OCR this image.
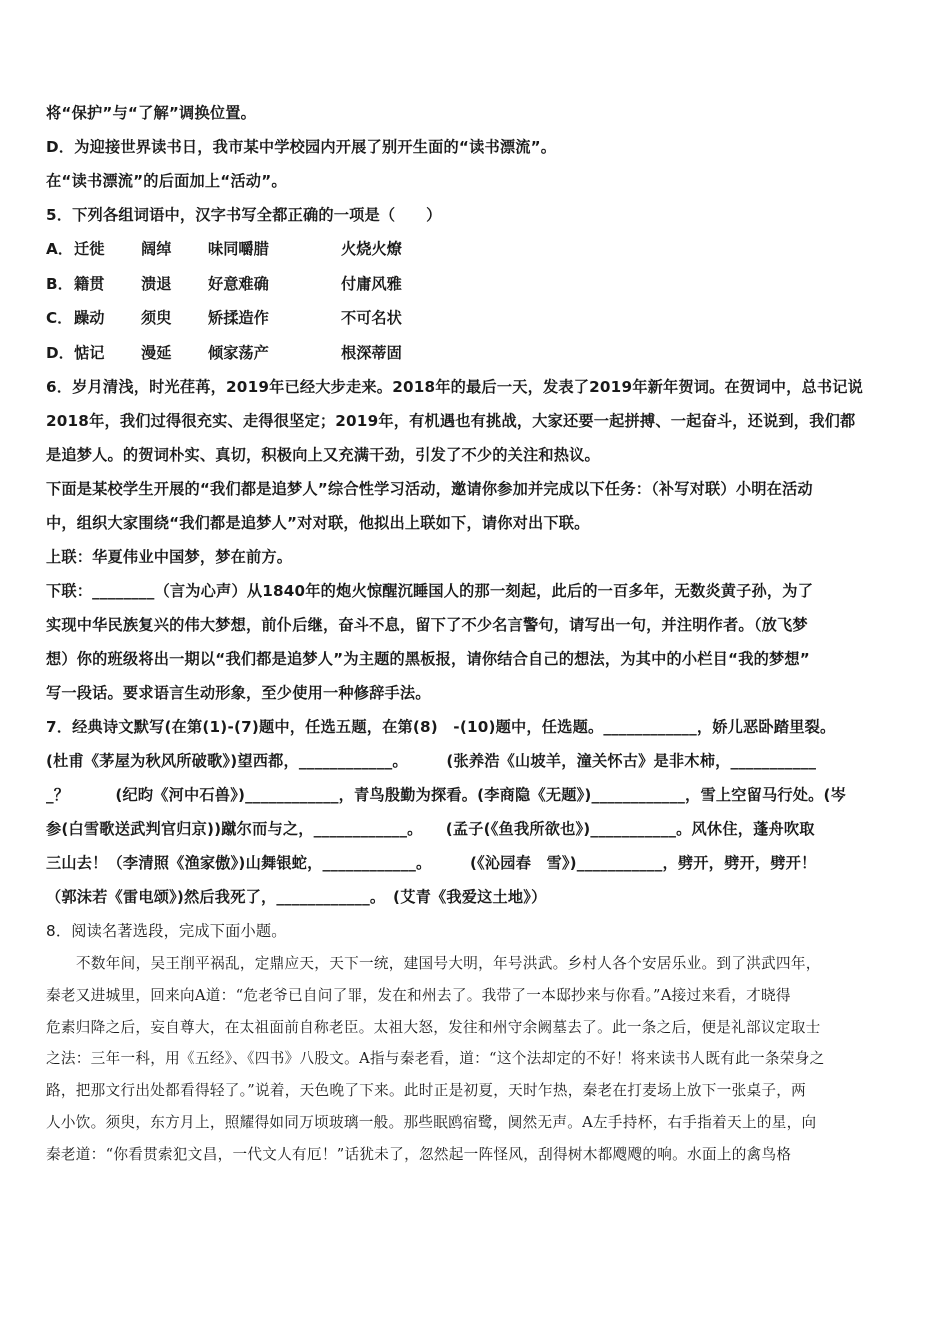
将“保护”与“了解”调换位置。
D．为迎接世界读书日，我市某中学校园内开展了别开生面的“读书漂流”。
在“读书漂流”的后面加上“活动”。
5．下列各组词语中，汉字书写全都正确的一项是（　　）
A． 迁徙	阔绰	味同嚼腊	火烧火燎
B． 籍贯	溃退	好意难确	付庸风雅
C． 躁动	须臾	矫揉造作	不可名状
D． 惦记	漫延	倾家荡产	根深蒂固
6．岁月清浅，时光荏苒，2019年已经大步走来。2018年的最后一天，发表了2019年新年贺词。在贺词中，总书记说
2018年，我们过得很充实、走得很坚定；2019年，有机遇也有挑战，大家还要一起拼搏、一起奋斗，还说到，我们都
是追梦人。的贺词朴实、真切，积极向上又充满干劲，引发了不少的关注和热议。
下面是某校学生开展的“我们都是追梦人”综合性学习活动，邀请你参加并完成以下任务：（补写对联）小明在活动
中，组织大家围绕“我们都是追梦人”对对联，他拟出上联如下，请你对出下联。
上联：华夏伟业中国梦，梦在前方。
下联：________（言为心声）从1840年的炮火惊醒沉睡国人的那一刻起，此后的一百多年，无数炎黄子孙，为了
实现中华民族复兴的伟大梦想，前仆后继，奋斗不息，留下了不少名言警句，请写出一句，并注明作者。（放飞梦
想）你的班级将出一期以“我们都是追梦人”为主题的黑板报，请你结合自己的想法，为其中的小栏目“我的梦想”
写一段话。要求语言生动形象，至少使用一种修辞手法。
7．经典诗文默写(在第(1)-(7)题中，任选五题，在第(8)　-(10)题中，任选题。____________，娇儿恶卧踏里裂。
(杜甫《茅屋为秋风所破歌》)望西都，____________。　　　(张养浩《山坡羊，潼关怀古》是非木柿，___________
_？　　　(纪昀《河中石兽》)____________，青鸟殷勤为探看。(李商隐《无题》)____________，雪上空留马行处。(岑
参(白雪歌送武判官归京))蹴尔而与之，____________。　　(孟子(《鱼我所欲也》)___________。风休住，蓬舟吹取
三山去！（李清照《渔家傲》)山舞银蛇，____________。　　　(《沁园春　雪》)___________，劈开，劈开，劈开！
（郭沫若《雷电颂》)然后我死了，____________。　(艾青《我爱这土地》）
8．阅读名著选段，完成下面小题。
不数年间，吴王削平祸乱，定鼎应天，天下一统，建国号大明，年号洪武。乡村人各个安居乐业。到了洪武四年，
秦老又进城里，回来向A道：“危老爷已自问了罪，发在和州去了。我带了一本邸抄来与你看。”A接过来看，才晓得
危素归降之后，妄自尊大，在太祖面前自称老臣。太祖大怒，发往和州守余阙墓去了。此一条之后，便是礼部议定取士
之法：三年一科，用《五经》、《四书》八股文。A指与秦老看，道：“这个法却定的不好！将来读书人既有此一条荣身之
路，把那文行出处都看得轻了。”说着，天色晚了下来。此时正是初夏，天时乍热，秦老在打麦场上放下一张桌子，两
人小饮。须臾，东方月上，照耀得如同万顷玻璃一般。那些眠鸥宿鹭，阒然无声。A左手持杯，右手指着天上的星，向
秦老道：“你看贯索犯文昌，一代文人有厄！”话犹未了，忽然起一阵怪风，刮得树木都飕飕的响。水面上的禽鸟格
